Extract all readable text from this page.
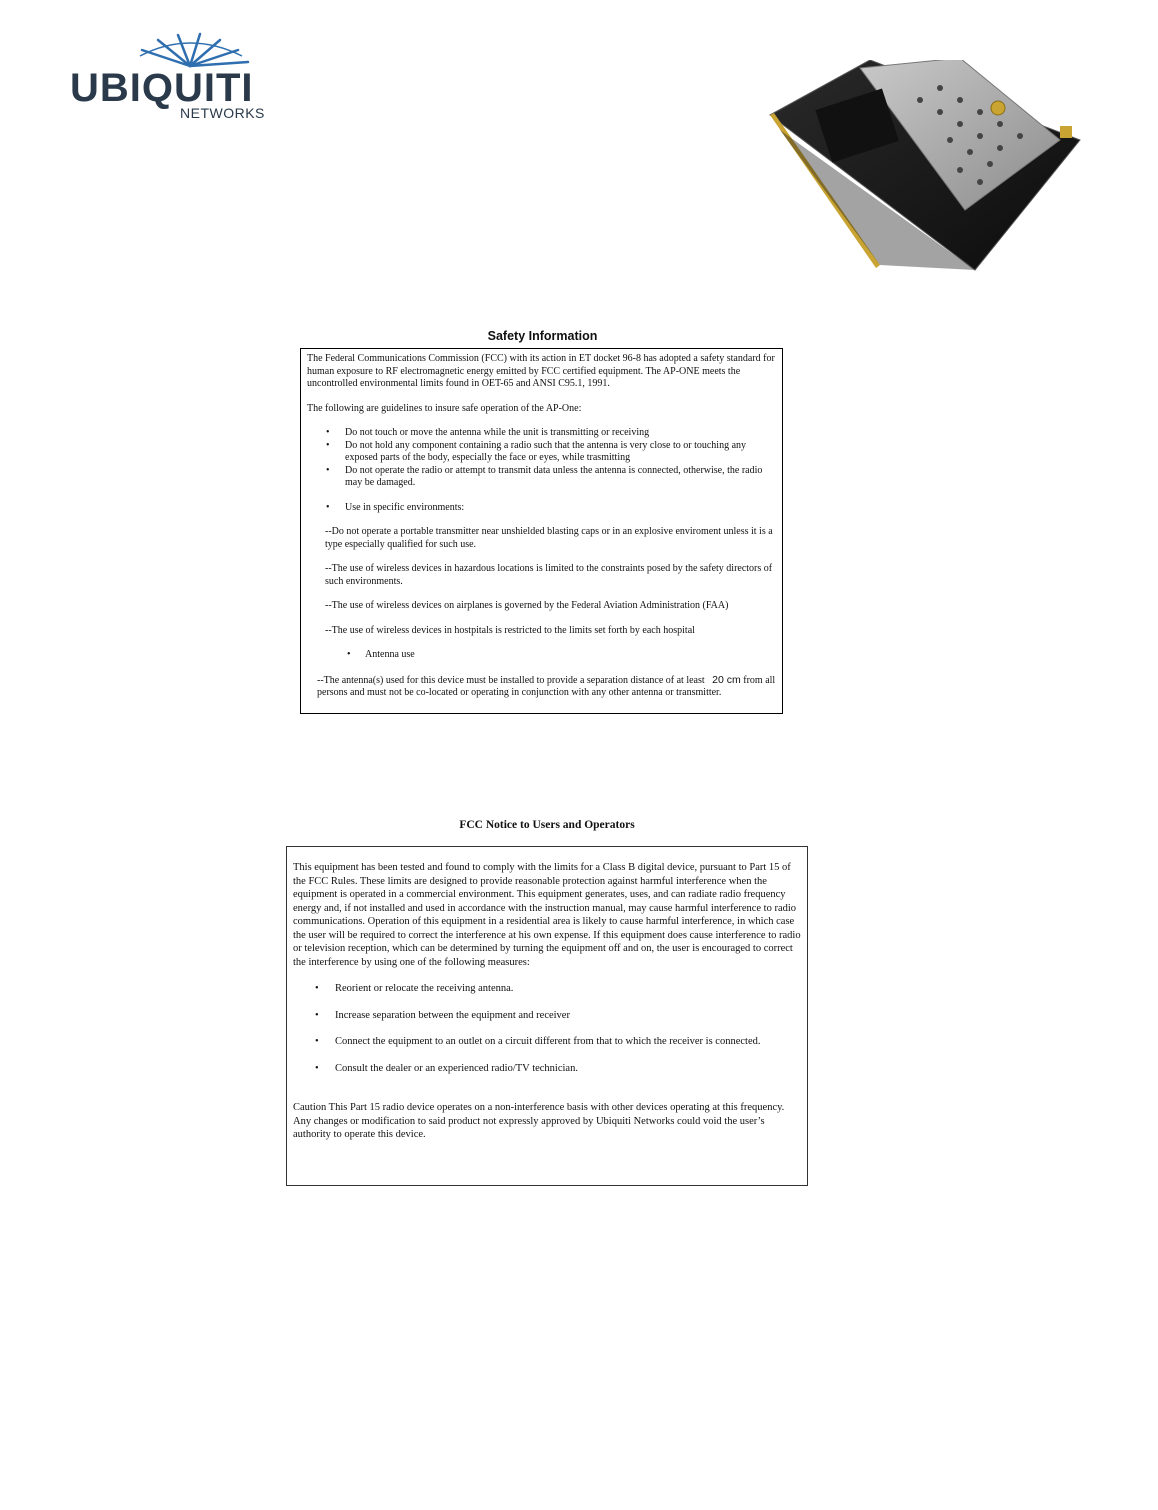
UBIQUITI
NETWORKS
Safety Information

The Federal Communications Commission (FCC) with its action in ET docket 96-8 has adopted a safety standard for human exposure to RF electromagnetic energy emitted by FCC certified equipment. The AP-ONE meets the uncontrolled environmental limits found in OET-65 and ANSI C95.1, 1991.

The following are guidelines to insure safe operation of the AP-One:

• Do not touch or move the antenna while the unit is transmitting or receiving
• Do not hold any component containing a radio such that the antenna is very close to or touching any exposed parts of the body, especially the face or eyes, while trasmitting
• Do not operate the radio or attempt to transmit data unless the antenna is connected, otherwise, the radio may be damaged.
• Use in specific environments:

--Do not operate a portable transmitter near unshielded blasting caps or in an explosive enviroment unless it is a type especially qualified for such use.

--The use of wireless devices in hazardous locations is limited to the constraints posed by the safety directors of such environments.

--The use of wireless devices on airplanes is governed by the Federal Aviation Administration (FAA)

--The use of wireless devices in hostpitals is restricted to the limits set forth by each hospital

• Antenna use

--The antenna(s) used for this device must be installed to provide a separation distance of at least 20 cm from all persons and must not be co-located or operating in conjunction with any other antenna or transmitter.

FCC Notice to Users and Operators

This equipment has been tested and found to comply with the limits for a Class B digital device, pursuant to Part 15 of the FCC Rules. These limits are designed to provide reasonable protection against harmful interference when the equipment is operated in a commercial environment. This equipment generates, uses, and can radiate radio frequency energy and, if not installed and used in accordance with the instruction manual, may cause harmful interference to radio communications. Operation of this equipment in a residential area is likely to cause harmful interference, in which case the user will be required to correct the interference at his own expense. If this equipment does cause interference to radio or television reception, which can be determined by turning the equipment off and on, the user is encouraged to correct the interference by using one of the following measures:

• Reorient or relocate the receiving antenna.
• Increase separation between the equipment and receiver
• Connect the equipment to an outlet on a circuit different from that to which the receiver is connected.
• Consult the dealer or an experienced radio/TV technician.

Caution This Part 15 radio device operates on a non-interference basis with other devices operating at this frequency. Any changes or modification to said product not expressly approved by Ubiquiti Networks could void the user’s authority to operate this device.
